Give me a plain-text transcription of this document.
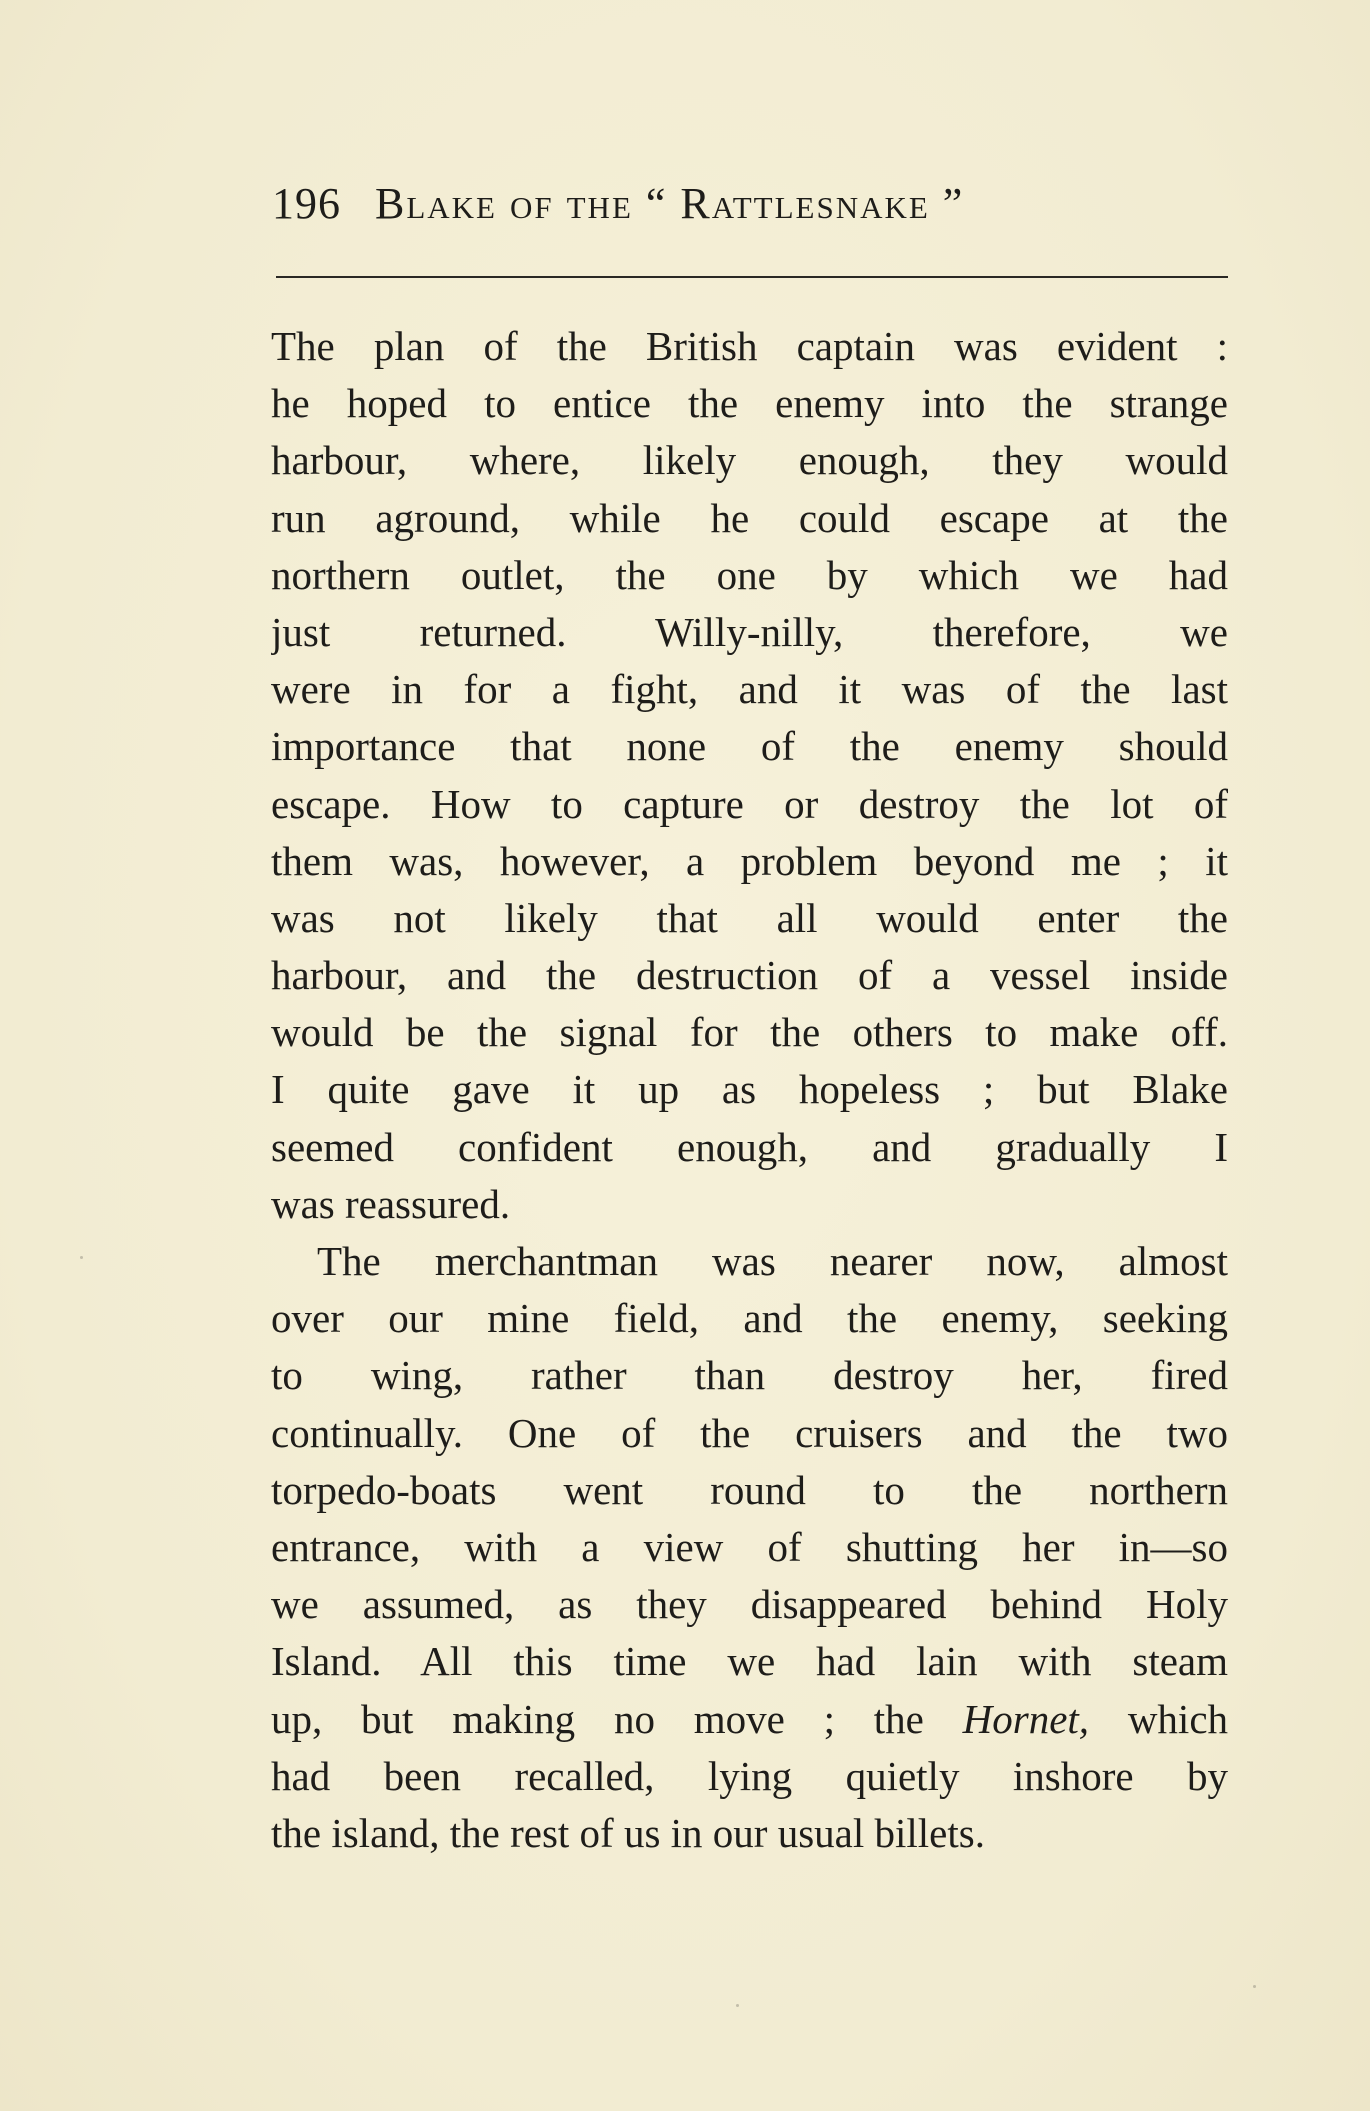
196 Blake of the “ Rattlesnake ”
The plan of the British captain was evident :
he hoped to entice the enemy into the strange
harbour, where, likely enough, they would
run aground, while he could escape at the
northern outlet, the one by which we had
just returned. Willy-nilly, therefore, we
were in for a fight, and it was of the last
importance that none of the enemy should
escape. How to capture or destroy the lot of
them was, however, a problem beyond me ; it
was not likely that all would enter the
harbour, and the destruction of a vessel inside
would be the signal for the others to make off.
I quite gave it up as hopeless ; but Blake
seemed confident enough, and gradually I
was reassured.
The merchantman was nearer now, almost
over our mine field, and the enemy, seeking
to wing, rather than destroy her, fired
continually. One of the cruisers and the two
torpedo-boats went round to the northern
entrance, with a view of shutting her in—so
we assumed, as they disappeared behind Holy
Island. All this time we had lain with steam
up, but making no move ; the Hornet, which
had been recalled, lying quietly inshore by
the island, the rest of us in our usual billets.
